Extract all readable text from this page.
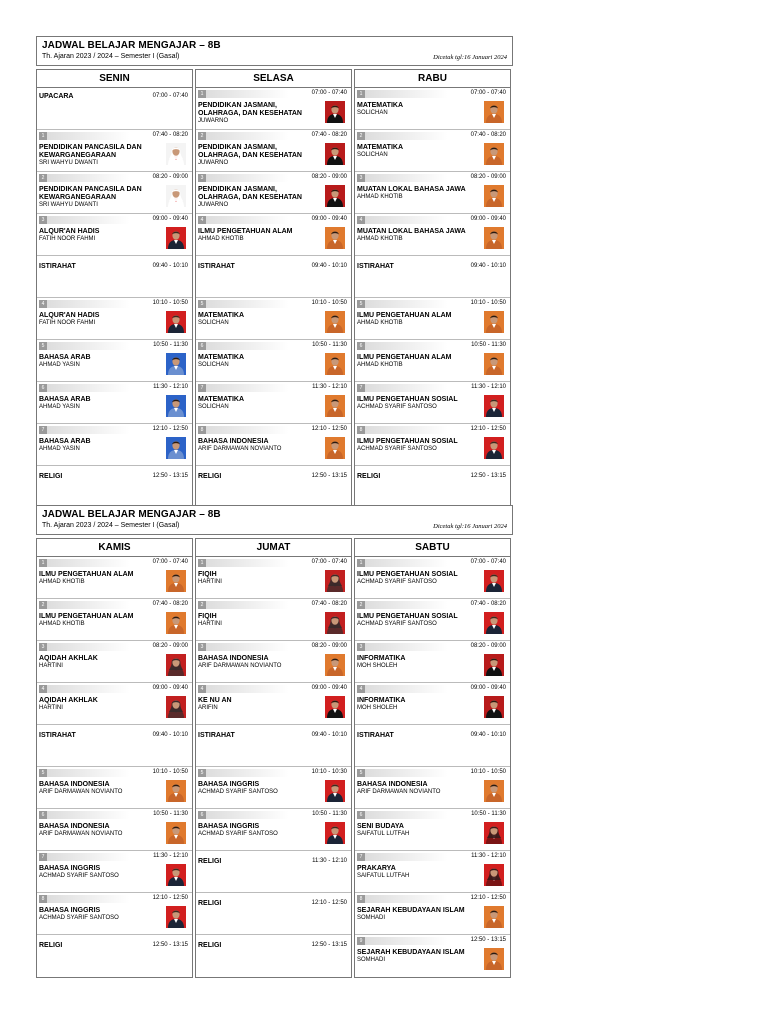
JADWAL BELAJAR MENGAJAR – 8B
Th. Ajaran 2023 / 2024 – Semester I (Gasal)	Dicetak tgl:16 Januari 2024
SENIN
07:00 - 07:40
UPACARA
1	07:40 - 08:20
PENDIDIKAN PANCASILA DAN KEWARGANEGARAAN
SRI WAHYU DWANTI
2	08:20 - 09:00
PENDIDIKAN PANCASILA DAN KEWARGANEGARAAN
SRI WAHYU DWANTI
3	09:00 - 09:40
ALQUR'AN HADIS
FATIH NOOR FAHMI
09:40 - 10:10
ISTIRAHAT
4	10:10 - 10:50
ALQUR'AN HADIS
FATIH NOOR FAHMI
5	10:50 - 11:30
BAHASA ARAB
AHMAD YASIN
6	11:30 - 12:10
BAHASA ARAB
AHMAD YASIN
7	12:10 - 12:50
BAHASA ARAB
AHMAD YASIN
12:50 - 13:15
RELIGI
SELASA
1	07:00 - 07:40
PENDIDIKAN JASMANI, OLAHRAGA, DAN KESEHATAN
JUWARNO
2	07:40 - 08:20
PENDIDIKAN JASMANI, OLAHRAGA, DAN KESEHATAN
JUWARNO
3	08:20 - 09:00
PENDIDIKAN JASMANI, OLAHRAGA, DAN KESEHATAN
JUWARNO
4	09:00 - 09:40
ILMU PENGETAHUAN ALAM
AHMAD KHOTIB
09:40 - 10:10
ISTIRAHAT
5	10:10 - 10:50
MATEMATIKA
SOLICHAN
6	10:50 - 11:30
MATEMATIKA
SOLICHAN
7	11:30 - 12:10
MATEMATIKA
SOLICHAN
8	12:10 - 12:50
BAHASA INDONESIA
ARIF DARMAWAN NOVIANTO
12:50 - 13:15
RELIGI
RABU
1	07:00 - 07:40
MATEMATIKA
SOLICHAN
2	07:40 - 08:20
MATEMATIKA
SOLICHAN
3	08:20 - 09:00
MUATAN LOKAL BAHASA JAWA
AHMAD KHOTIB
4	09:00 - 09:40
MUATAN LOKAL BAHASA JAWA
AHMAD KHOTIB
09:40 - 10:10
ISTIRAHAT
5	10:10 - 10:50
ILMU PENGETAHUAN ALAM
AHMAD KHOTIB
6	10:50 - 11:30
ILMU PENGETAHUAN ALAM
AHMAD KHOTIB
7	11:30 - 12:10
ILMU PENGETAHUAN SOSIAL
ACHMAD SYARIF SANTOSO
8	12:10 - 12:50
ILMU PENGETAHUAN SOSIAL
ACHMAD SYARIF SANTOSO
12:50 - 13:15
RELIGI
JADWAL BELAJAR MENGAJAR – 8B
Th. Ajaran 2023 / 2024 – Semester I (Gasal)	Dicetak tgl:16 Januari 2024
KAMIS
1	07:00 - 07:40
ILMU PENGETAHUAN ALAM
AHMAD KHOTIB
2	07:40 - 08:20
ILMU PENGETAHUAN ALAM
AHMAD KHOTIB
3	08:20 - 09:00
AQIDAH AKHLAK
HARTINI
4	09:00 - 09:40
AQIDAH AKHLAK
HARTINI
09:40 - 10:10
ISTIRAHAT
5	10:10 - 10:50
BAHASA INDONESIA
ARIF DARMAWAN NOVIANTO
6	10:50 - 11:30
BAHASA INDONESIA
ARIF DARMAWAN NOVIANTO
7	11:30 - 12:10
BAHASA INGGRIS
ACHMAD SYARIF SANTOSO
8	12:10 - 12:50
BAHASA INGGRIS
ACHMAD SYARIF SANTOSO
12:50 - 13:15
RELIGI
JUMAT
1	07:00 - 07:40
FIQIH
HARTINI
2	07:40 - 08:20
FIQIH
HARTINI
3	08:20 - 09:00
BAHASA INDONESIA
ARIF DARMAWAN NOVIANTO
4	09:00 - 09:40
KE NU AN
ARIFIN
09:40 - 10:10
ISTIRAHAT
5	10:10 - 10:30
BAHASA INGGRIS
ACHMAD SYARIF SANTOSO
6	10:50 - 11:30
BAHASA INGGRIS
ACHMAD SYARIF SANTOSO
11:30 - 12:10
RELIGI
12:10 - 12:50
RELIGI
12:50 - 13:15
RELIGI
SABTU
1	07:00 - 07:40
ILMU PENGETAHUAN SOSIAL
ACHMAD SYARIF SANTOSO
2	07:40 - 08:20
ILMU PENGETAHUAN SOSIAL
ACHMAD SYARIF SANTOSO
3	08:20 - 09:00
INFORMATIKA
MOH SHOLEH
4	09:00 - 09:40
INFORMATIKA
MOH SHOLEH
09:40 - 10:10
ISTIRAHAT
5	10:10 - 10:50
BAHASA INDONESIA
ARIF DARMAWAN NOVIANTO
6	10:50 - 11:30
SENI BUDAYA
SAIFATUL LUTFAH
7	11:30 - 12:10
PRAKARYA
SAIFATUL LUTFAH
8	12:10 - 12:50
SEJARAH KEBUDAYAAN ISLAM
SOMHADI
9	12:50 - 13:15
SEJARAH KEBUDAYAAN ISLAM
SOMHADI
